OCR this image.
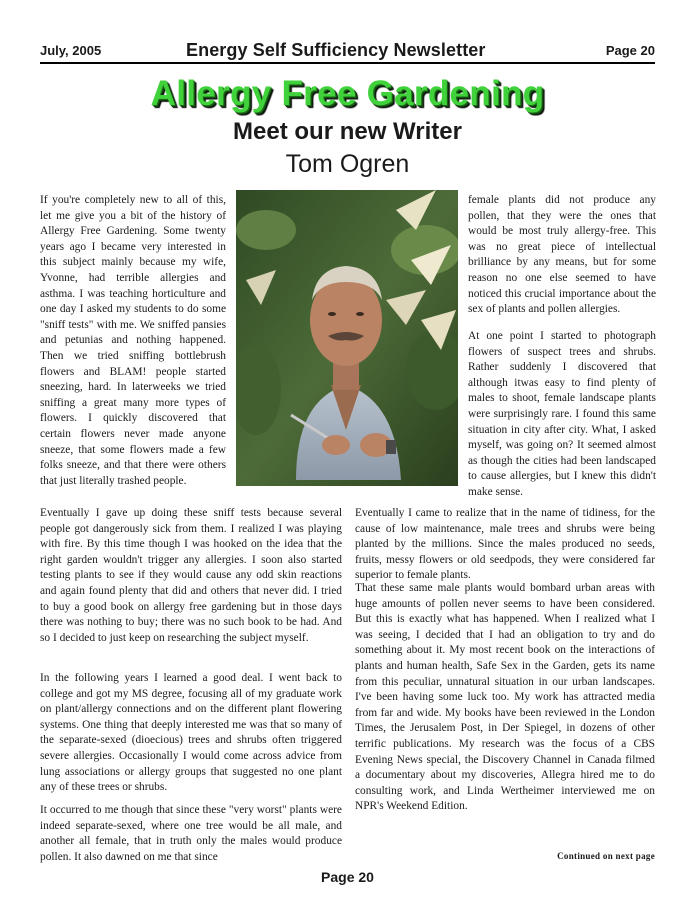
July, 2005	Energy Self Sufficiency Newsletter	Page 20
Allergy Free Gardening
Meet our new Writer
Tom Ogren

If you're completely new to all of this, let me give you a bit of the history of Allergy Free Gardening. Some twenty years ago I became very interested in this subject mainly because my wife, Yvonne, had terrible allergies and asthma. I was teaching horticulture and one day I asked my students to do some "sniff tests" with me. We sniffed pansies and petunias and nothing happened. Then we tried sniffing bottlebrush flowers and BLAM! people started sneezing, hard. In laterweeks we tried sniffing a great many more types of flowers. I quickly discovered that certain flowers never made anyone sneeze, that some flowers made a few folks sneeze, and that there were others that just literally trashed people.

female plants did not produce any pollen, that they were the ones that would be most truly allergy-free. This was no great piece of intellectual brilliance by any means, but for some reason no one else seemed to have noticed this crucial importance about the sex of plants and pollen allergies.

At one point I started to photograph flowers of suspect trees and shrubs. Rather suddenly I discovered that although itwas easy to find plenty of males to shoot, female landscape plants were surprisingly rare. I found this same situation in city after city. What, I asked myself, was going on? It seemed almost as though the cities had been landscaped to cause allergies, but I knew this didn't make sense.

Eventually I gave up doing these sniff tests because several people got dangerously sick from them. I realized I was playing with fire. By this time though I was hooked on the idea that the right garden wouldn't trigger any allergies. I soon also started testing plants to see if they would cause any odd skin reactions and again found plenty that did and others that never did. I tried to buy a good book on allergy free gardening but in those days there was nothing to buy; there was no such book to be had. And so I decided to just keep on researching the subject myself.

In the following years I learned a good deal. I went back to college and got my MS degree, focusing all of my graduate work on plant/allergy connections and on the different plant flowering systems. One thing that deeply interested me was that so many of the separate-sexed (dioecious) trees and shrubs often triggered severe allergies. Occasionally I would come across advice from lung associations or allergy groups that suggested no one plant any of these trees or shrubs.

It occurred to me though that since these "very worst" plants were indeed separate-sexed, where one tree would be all male, and another all female, that in truth only the males would produce pollen. It also dawned on me that since

Eventually I came to realize that in the name of tidiness, for the cause of low maintenance, male trees and shrubs were being planted by the millions. Since the males produced no seeds, fruits, messy flowers or old seedpods, they were considered far superior to female plants.

That these same male plants would bombard urban areas with huge amounts of pollen never seems to have been considered. But this is exactly what has happened. When I realized what I was seeing, I decided that I had an obligation to try and do something about it. My most recent book on the interactions of plants and human health, Safe Sex in the Garden, gets its name from this peculiar, unnatural situation in our urban landscapes. I've been having some luck too. My work has attracted media from far and wide. My books have been reviewed in the London Times, the Jerusalem Post, in Der Spiegel, in dozens of other terrific publications. My research was the focus of a CBS Evening News special, the Discovery Channel in Canada filmed a documentary about my discoveries, Allegra hired me to do consulting work, and Linda Wertheimer interviewed me on NPR's Weekend Edition.

Continued on next page
Page 20
